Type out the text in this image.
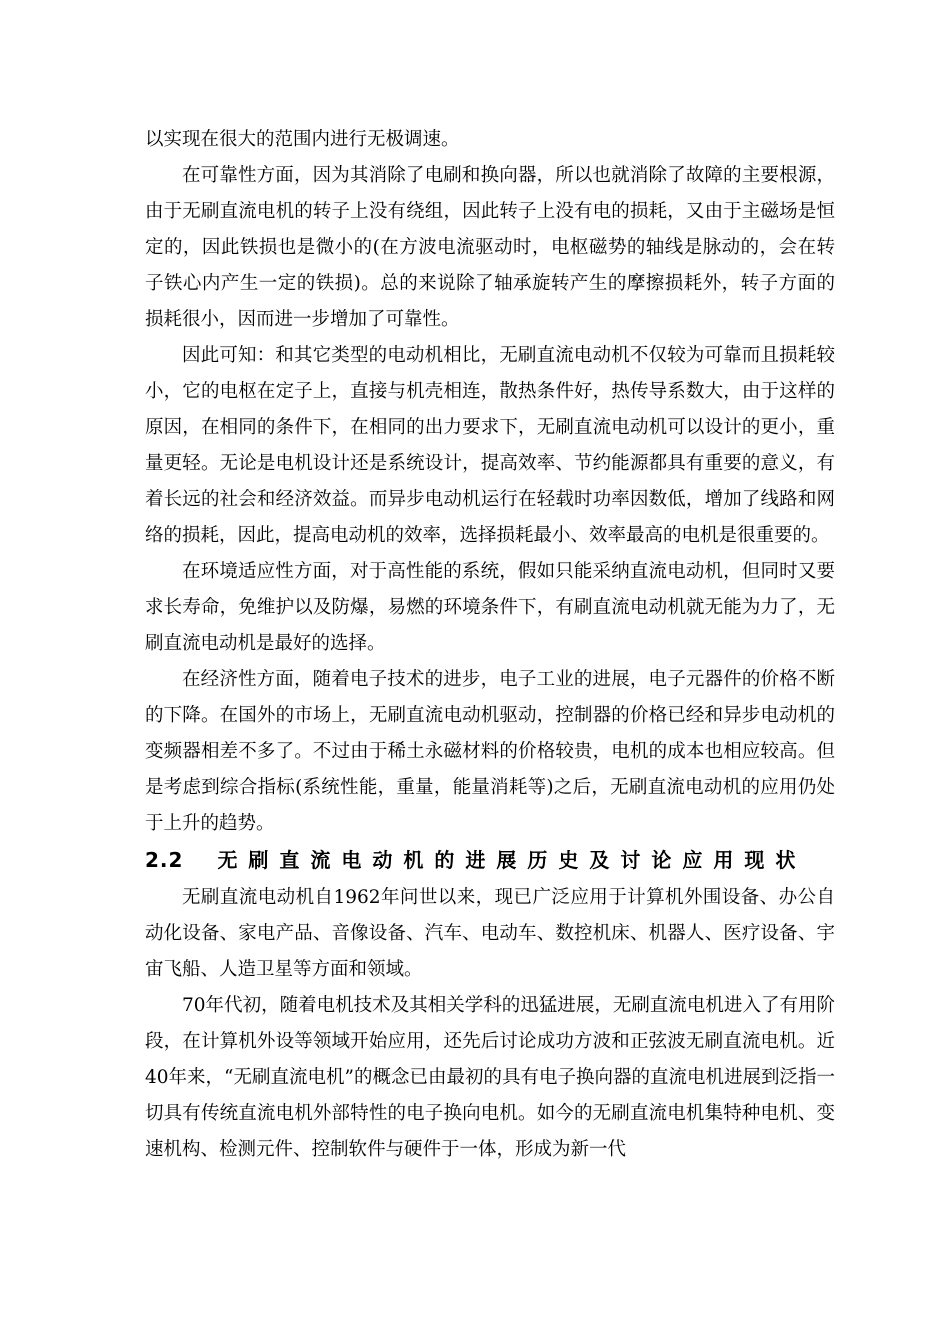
以实现在很大的范围内进行无极调速。

在可靠性方面，因为其消除了电刷和换向器，所以也就消除了故障的主要根源，由于无刷直流电机的转子上没有绕组，因此转子上没有电的损耗，又由于主磁场是恒定的，因此铁损也是微小的(在方波电流驱动时，电枢磁势的轴线是脉动的，会在转子铁心内产生一定的铁损)。总的来说除了轴承旋转产生的摩擦损耗外，转子方面的损耗很小，因而进一步增加了可靠性。

因此可知：和其它类型的电动机相比，无刷直流电动机不仅较为可靠而且损耗较小，它的电枢在定子上，直接与机壳相连，散热条件好，热传导系数大，由于这样的原因，在相同的条件下，在相同的出力要求下，无刷直流电动机可以设计的更小，重量更轻。无论是电机设计还是系统设计，提高效率、节约能源都具有重要的意义，有着长远的社会和经济效益。而异步电动机运行在轻载时功率因数低，增加了线路和网络的损耗，因此，提高电动机的效率，选择损耗最小、效率最高的电机是很重要的。

在环境适应性方面，对于高性能的系统，假如只能采纳直流电动机，但同时又要求长寿命，免维护以及防爆，易燃的环境条件下，有刷直流电动机就无能为力了，无刷直流电动机是最好的选择。

在经济性方面，随着电子技术的进步，电子工业的进展，电子元器件的价格不断的下降。在国外的市场上，无刷直流电动机驱动，控制器的价格已经和异步电动机的变频器相差不多了。不过由于稀土永磁材料的价格较贵，电机的成本也相应较高。但是考虑到综合指标(系统性能，重量，能量消耗等)之后，无刷直流电动机的应用仍处于上升的趋势。

2.2 无刷直流电动机的进展历史及讨论应用现状

无刷直流电动机自1962年问世以来，现已广泛应用于计算机外围设备、办公自动化设备、家电产品、音像设备、汽车、电动车、数控机床、机器人、医疗设备、宇宙飞船、人造卫星等方面和领域。

70年代初，随着电机技术及其相关学科的迅猛进展，无刷直流电机进入了有用阶段，在计算机外设等领域开始应用，还先后讨论成功方波和正弦波无刷直流电机。近40年来，“无刷直流电机”的概念已由最初的具有电子换向器的直流电机进展到泛指一切具有传统直流电机外部特性的电子换向电机。如今的无刷直流电机集特种电机、变速机构、检测元件、控制软件与硬件于一体，形成为新一代
